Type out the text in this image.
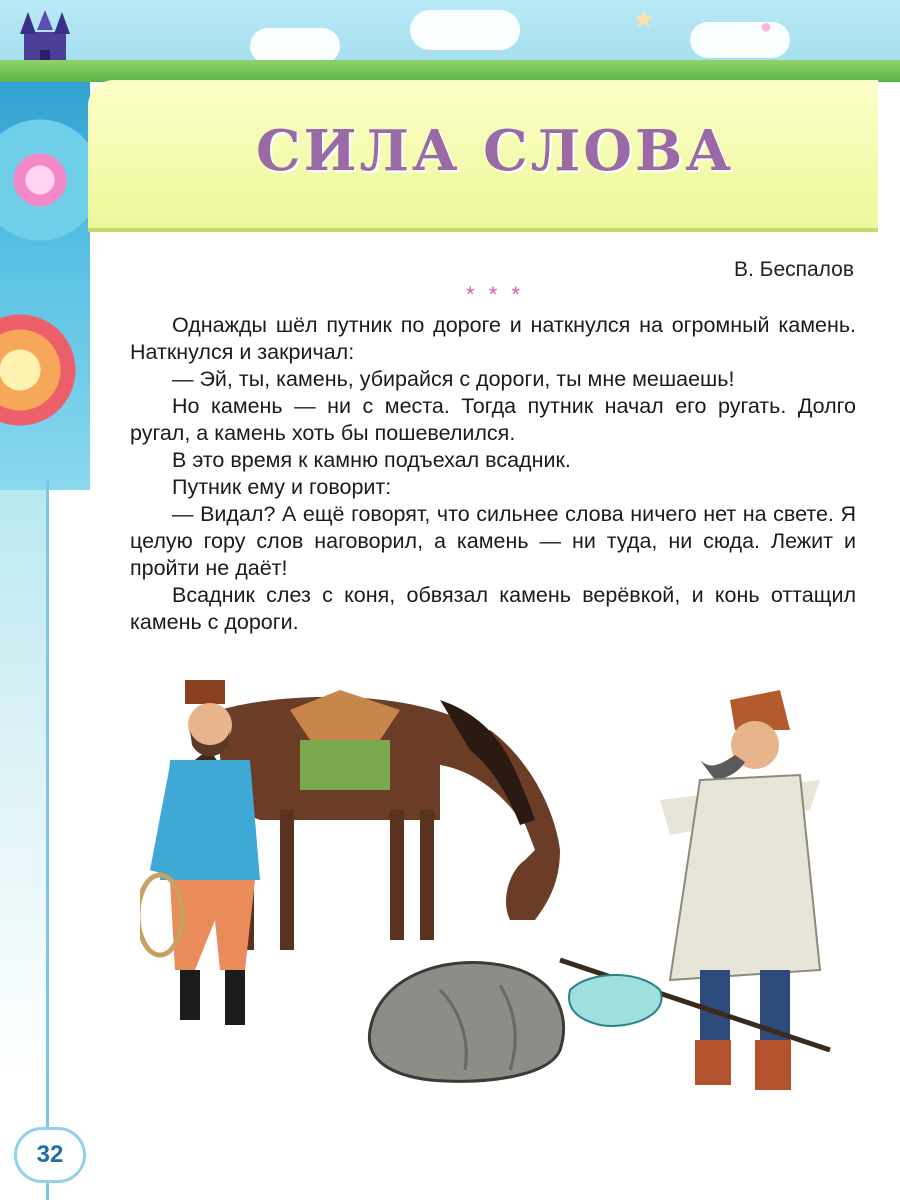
★	●
СИЛА СЛОВА
В. Беспалов
* * *

Однажды шёл путник по дороге и наткнулся на огромный камень. Наткнулся и закричал:

— Эй, ты, камень, убирайся с дороги, ты мне мешаешь!

Но камень — ни с места. Тогда путник начал его ругать. Долго ругал, а камень хоть бы пошевелился.

В это время к камню подъехал всадник.

Путник ему и говорит:

— Видал? А ещё говорят, что сильнее слова ничего нет на свете. Я целую гору слов наговорил, а камень — ни туда, ни сюда. Лежит и пройти не даёт!

Всадник слез с коня, обвязал камень верёвкой, и конь оттащил камень с дороги.

32
